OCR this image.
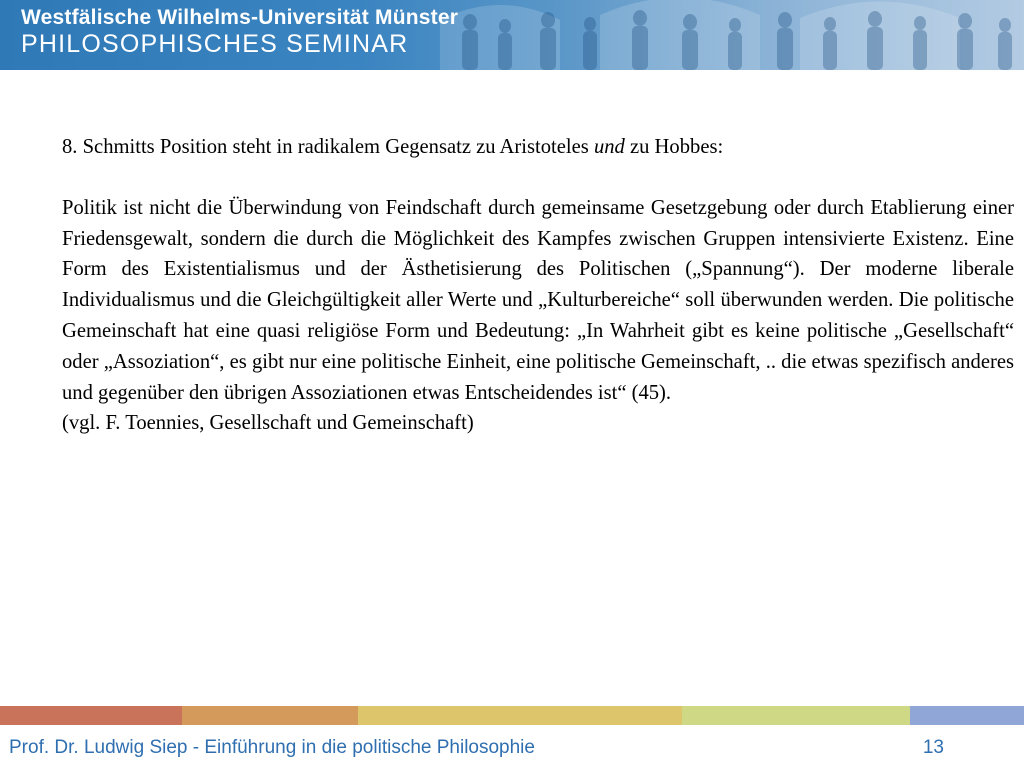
Westfälische Wilhelms-Universität Münster
PHILOSOPHISCHES SEMINAR

8. Schmitts Position steht in radikalem Gegensatz zu Aristoteles und zu Hobbes:

Politik ist nicht die Überwindung von Feindschaft durch gemeinsame Gesetzgebung oder durch Etablierung einer Friedensgewalt, sondern die durch die Möglichkeit des Kampfes zwischen Gruppen intensivierte Existenz. Eine Form des Existentialismus und der Ästhetisierung des Politischen („Spannung“). Der moderne liberale Individualismus und die Gleichgültigkeit aller Werte und „Kulturbereiche“ soll überwunden werden. Die politische Gemeinschaft hat eine quasi religiöse Form und Bedeutung: „In Wahrheit gibt es keine politische „Gesellschaft“ oder „Assoziation“, es gibt nur eine politische Einheit, eine politische Gemeinschaft, .. die etwas spezifisch anderes und gegenüber den übrigen Assoziationen etwas Entscheidendes ist“ (45).

(vgl. F. Toennies, Gesellschaft und Gemeinschaft)

Prof. Dr. Ludwig Siep - Einführung in die politische Philosophie	13
